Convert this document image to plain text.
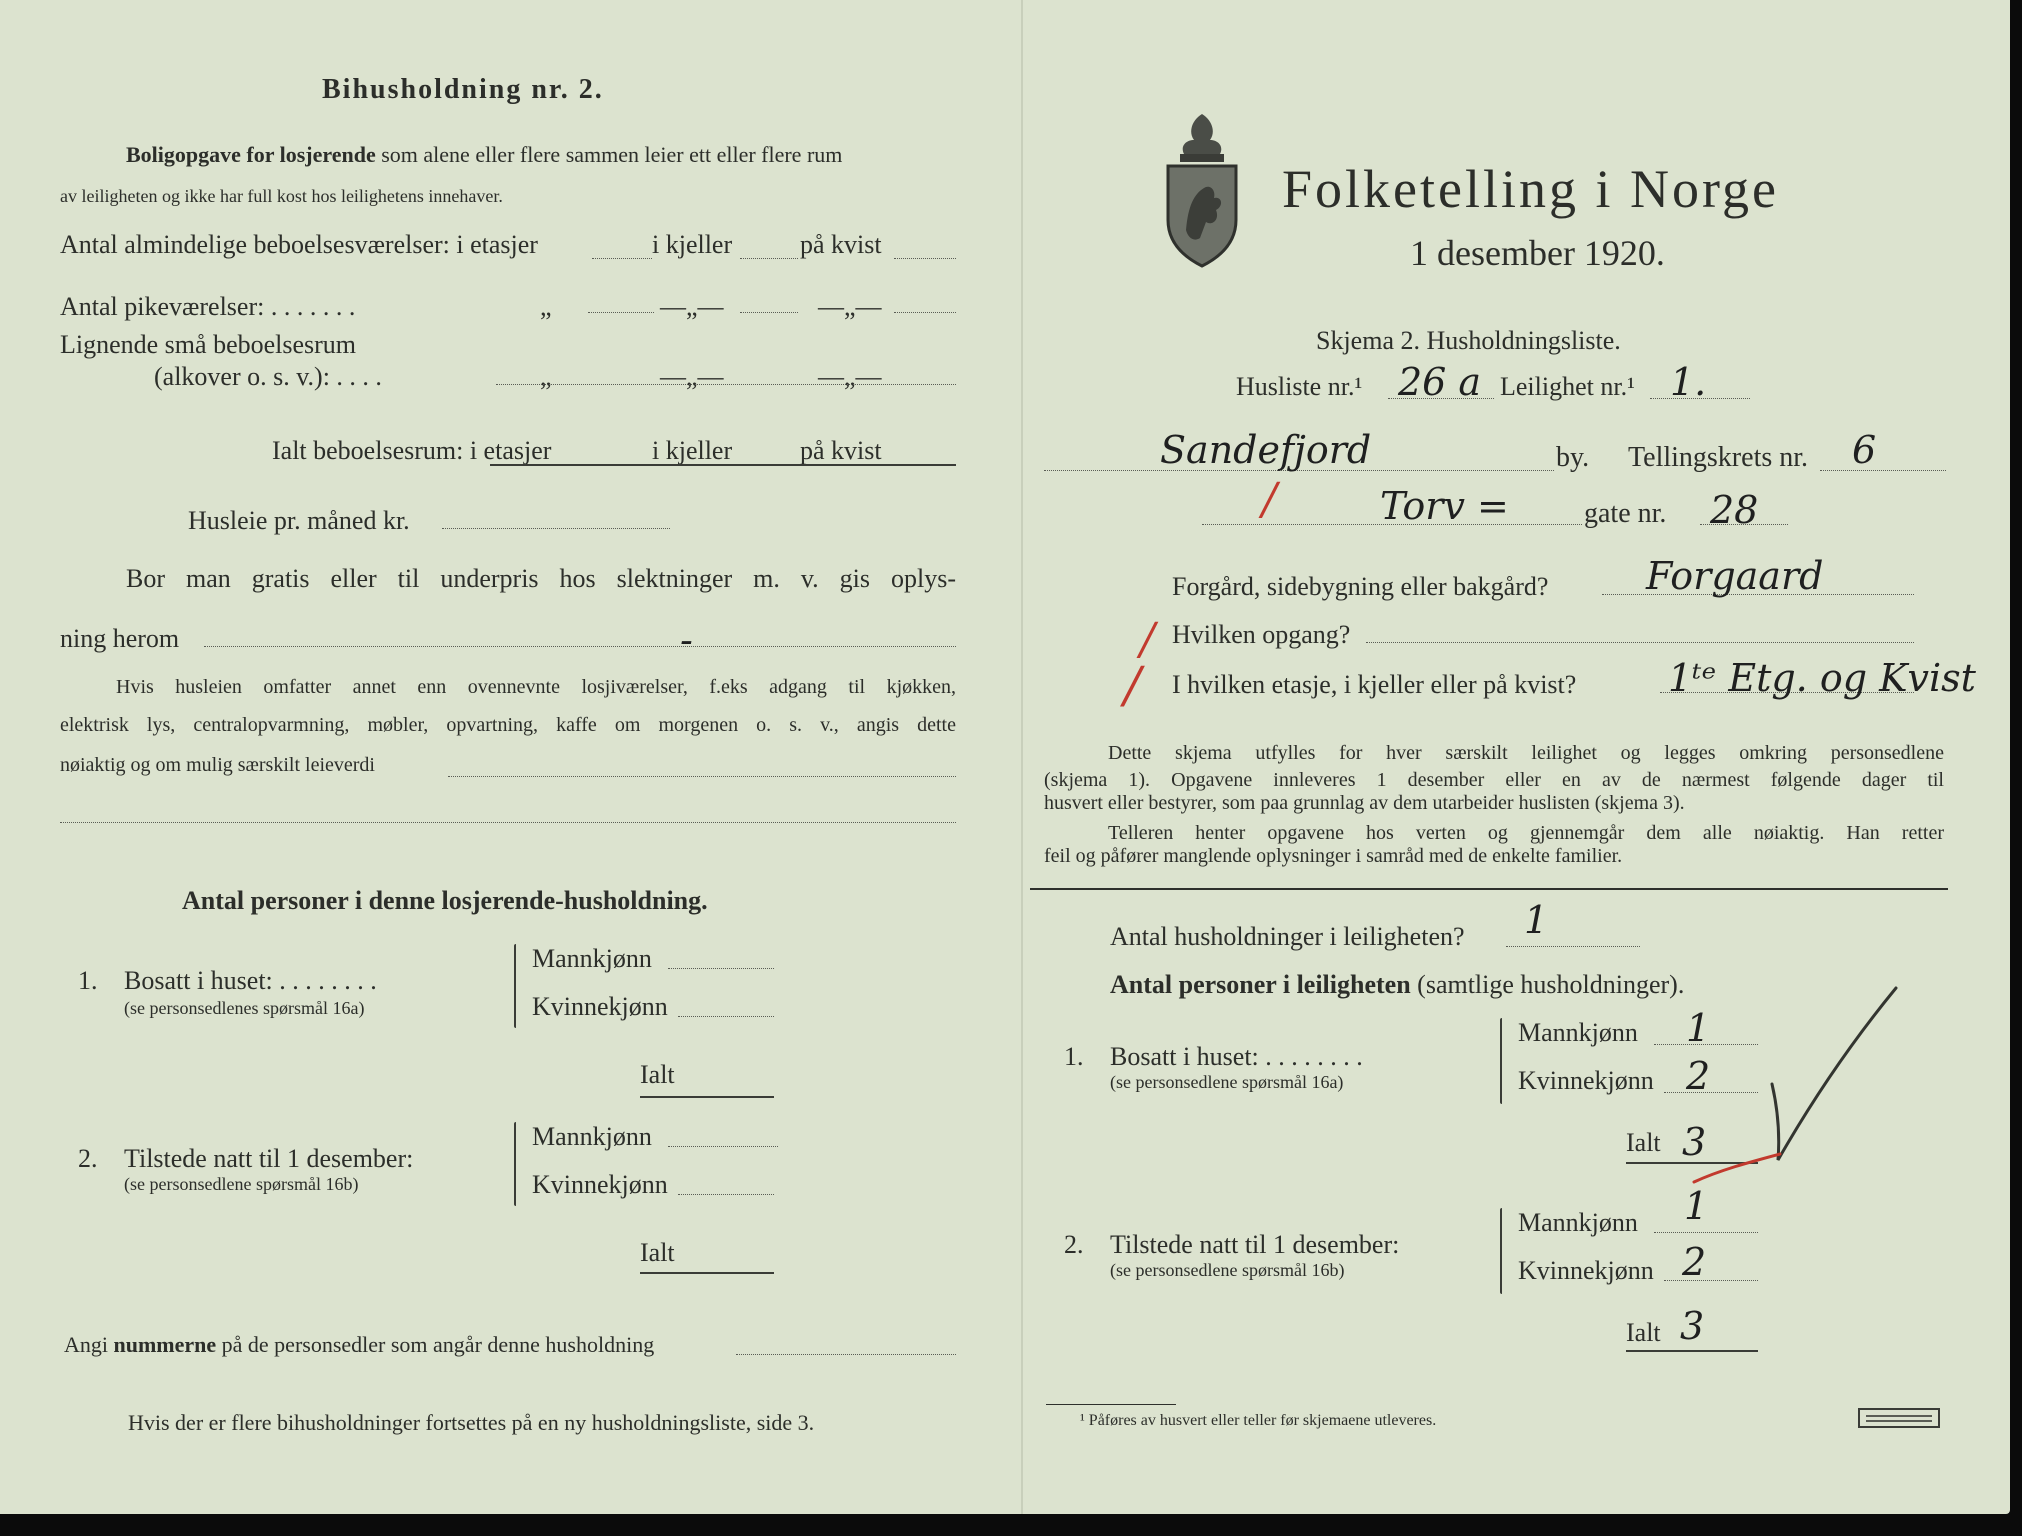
Bihusholdning nr. 2.
Boligopgave for losjerende som alene eller flere sammen leier ett eller flere rum
av leiligheten og ikke har full kost hos leilighetens innehaver.
Antal almindelige beboelsesværelser: i etasjer	i kjeller	på kvist
Antal pikeværelser: . . . . . . .	„	—„—	—„—
Lignende små beboelsesrum
(alkover o. s. v.): . . . .	„	—„—	—„—
Ialt beboelsesrum: i etasjer	i kjeller	på kvist
Husleie pr. måned kr.
Bor man gratis eller til underpris hos slektninger m. v. gis oplys-
ning herom	-
Hvis husleien omfatter annet enn ovennevnte losjiværelser, f.eks adgang til kjøkken,
elektrisk lys, centralopvarmning, møbler, opvartning, kaffe om morgenen o. s. v., angis dette
nøiaktig og om mulig særskilt leieverdi
Antal personer i denne losjerende-husholdning.
1. Bosatt i huset: . . . . . . . .
(se personsedlenes spørsmål 16a)
Mannkjønn
Kvinnekjønn
Ialt
2. Tilstede natt til 1 desember:
(se personsedlene spørsmål 16b)
Mannkjønn
Kvinnekjønn
Ialt
Angi nummerne på de personsedler som angår denne husholdning
Hvis der er flere bihusholdninger fortsettes på en ny husholdningsliste, side 3.
Folketelling i Norge
1 desember 1920.
Skjema 2. Husholdningsliste.
Husliste nr.¹ 26 a Leilighet nr.¹ 1.
Sandefjord	by. Tellingskrets nr. 6
/	Torv =	gate nr. 28
Forgård, sidebygning eller bakgård?	Forgaard
/ Hvilken opgang?
/ I hvilken etasje, i kjeller eller på kvist? 1ᵗᵉ Etg. og Kvist
Dette skjema utfylles for hver særskilt leilighet og legges omkring personsedlene
(skjema 1). Opgavene innleveres 1 desember eller en av de nærmest følgende dager til
husvert eller bestyrer, som paa grunnlag av dem utarbeider huslisten (skjema 3).
Telleren henter opgavene hos verten og gjennemgår dem alle nøiaktig. Han retter
feil og påfører manglende oplysninger i samråd med de enkelte familier.
Antal husholdninger i leiligheten? 1
Antal personer i leiligheten (samtlige husholdninger).
1. Bosatt i huset: . . . . . . . .
(se personsedlene spørsmål 16a)
Mannkjønn 1
Kvinnekjønn 2
Ialt 3
2. Tilstede natt til 1 desember:
(se personsedlene spørsmål 16b)
Mannkjønn 1
Kvinnekjønn 2
Ialt 3
¹ Påføres av husvert eller teller før skjemaene utleveres.
